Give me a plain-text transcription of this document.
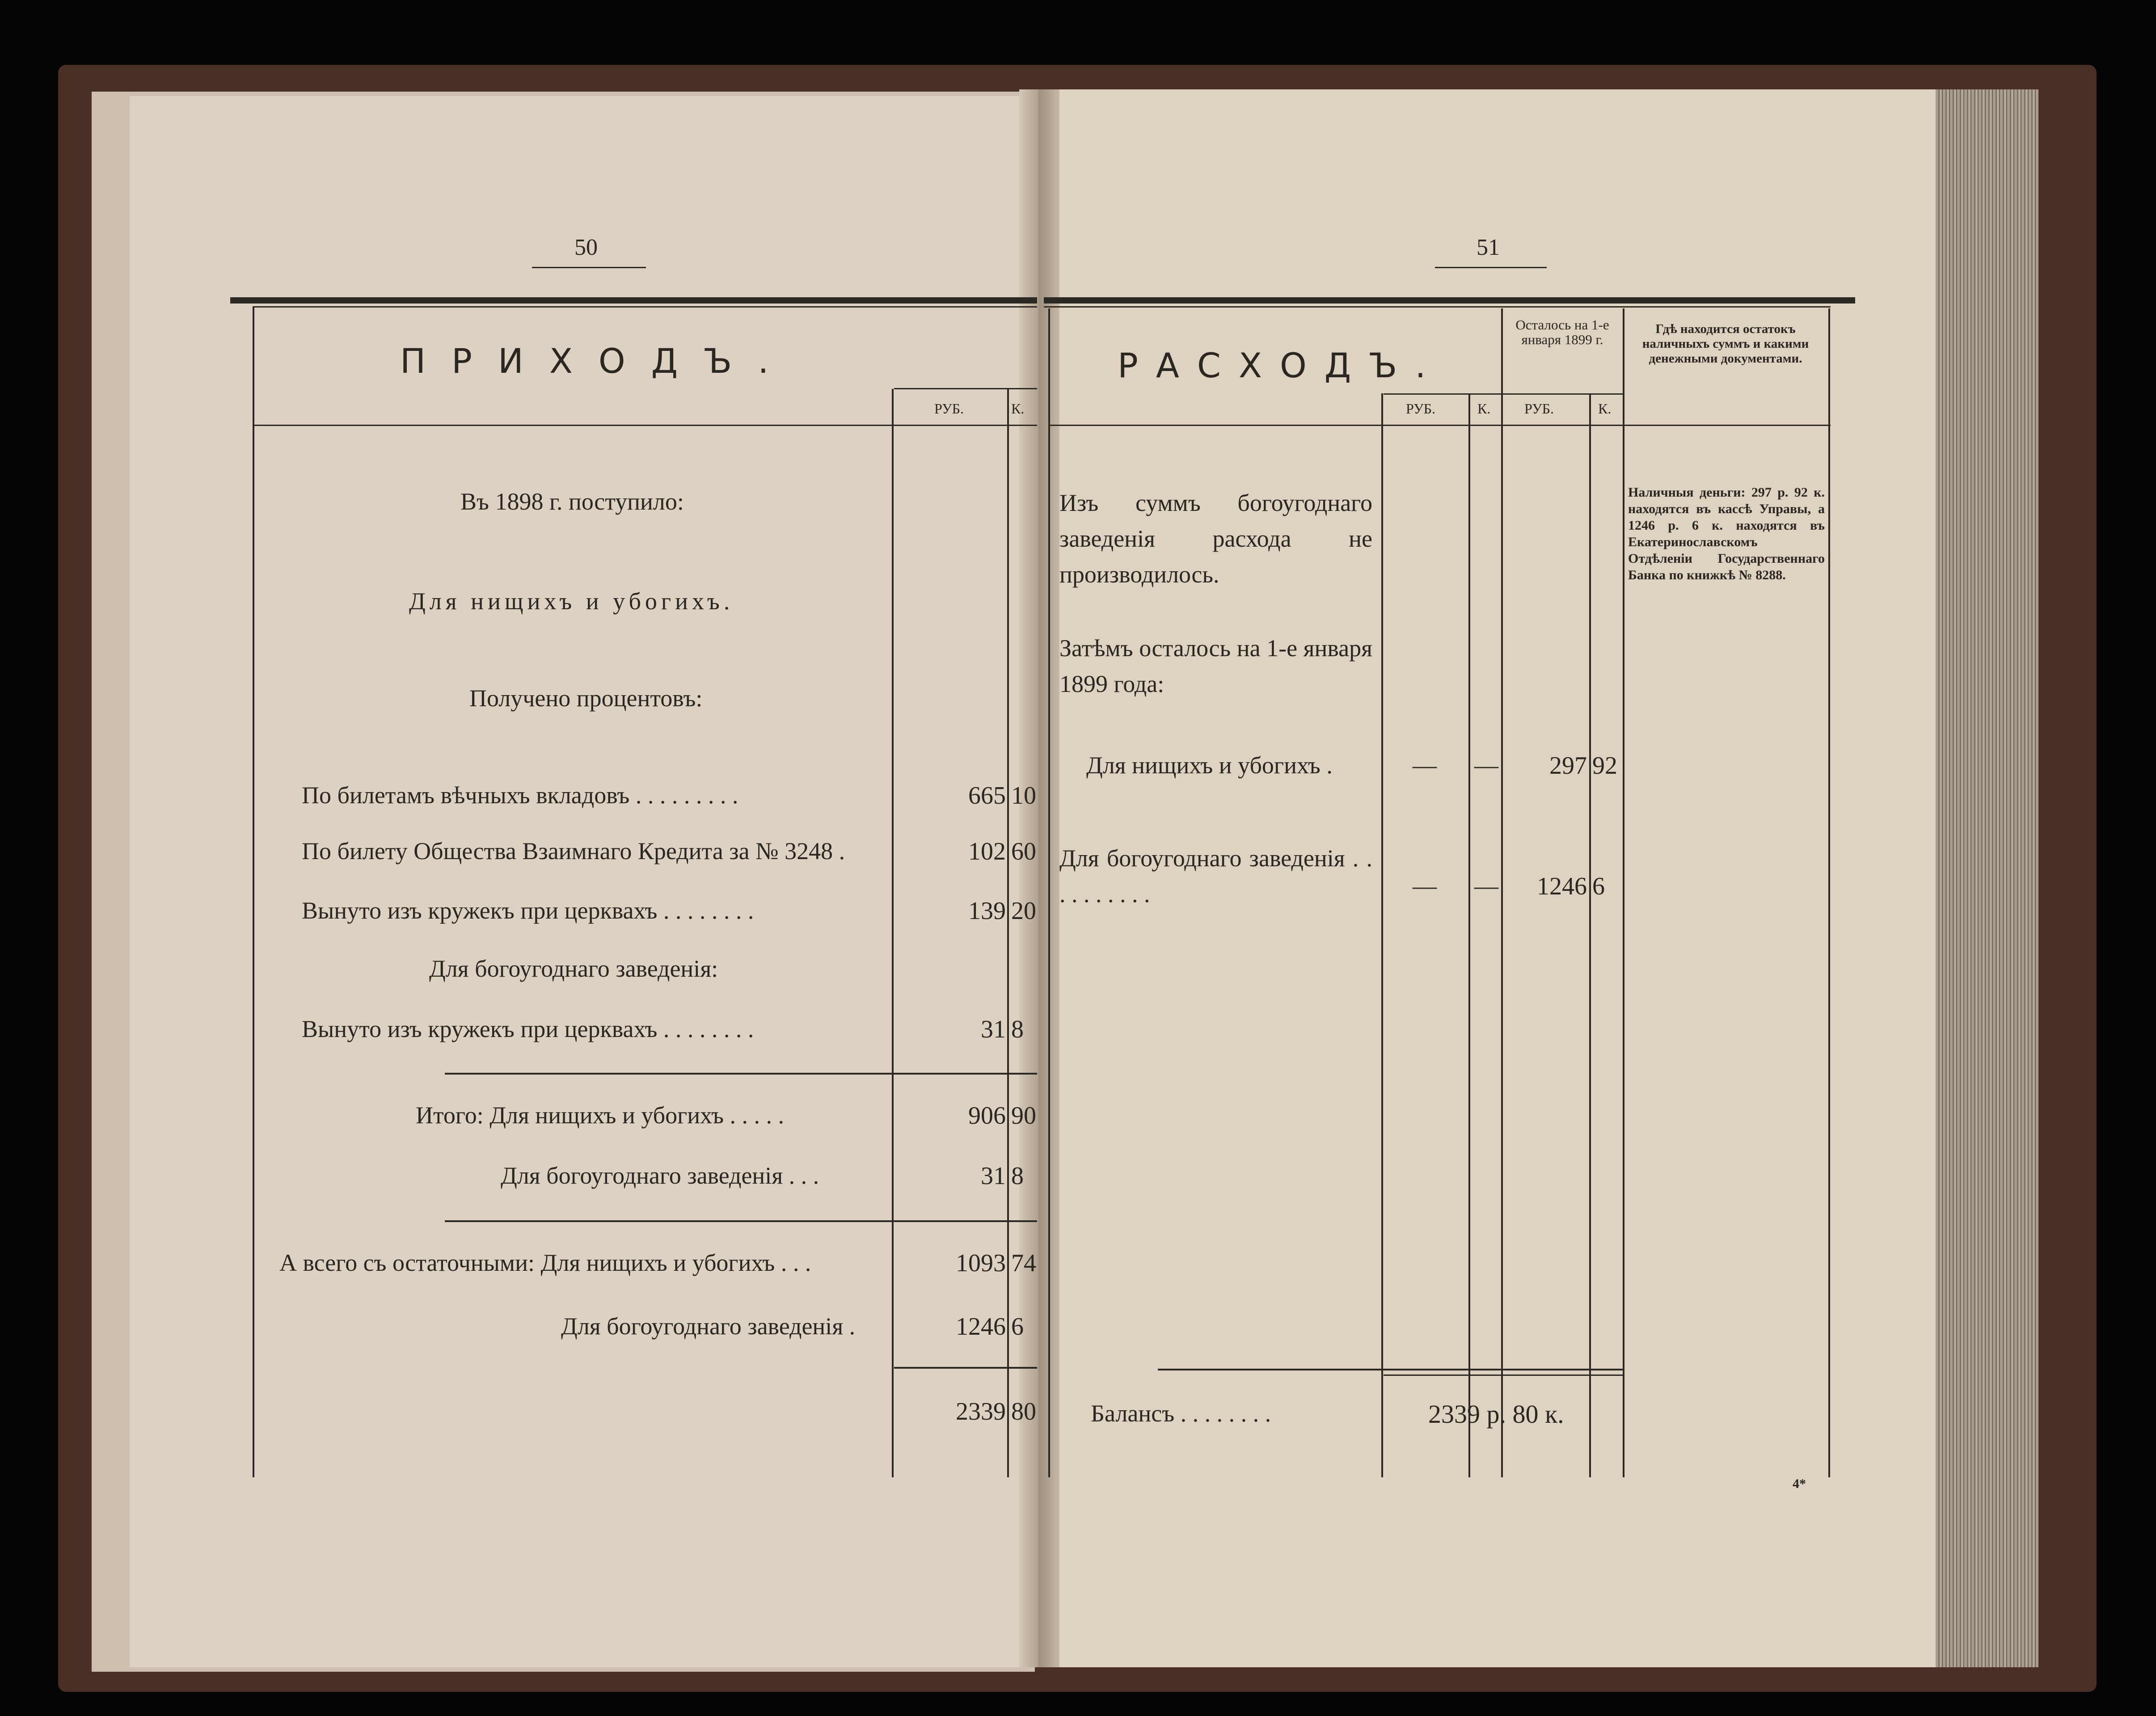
50
ПРИХОДЪ.
РУБ.	К.
Въ 1898 г. поступило:
Для нищихъ и убогихъ.
Получено процентовъ:
По билетамъ вѣчныхъ вкладовъ . . . . . . . . .	665 10
По билету Общества Взаимнаго Кредита за № 3248 .	102 60
Вынуто изъ кружекъ при церквахъ . . . . . . . .	139 20
Для богоугоднаго заведенія:
Вынуто изъ кружекъ при церквахъ . . . . . . . .	31 8
Итого: Для нищихъ и убогихъ . . . . .	906 90
Для богоугоднаго заведенія . . .	31 8
А всего съ остаточными: Для нищихъ и убогихъ . . .	1093 74
Для богоугоднаго заведенія .	1246 6
2339 80
51
РАСХОДЪ.
Осталось на 1-е января 1899 г.
Гдѣ находится остатокъ наличныхъ суммъ и какими денежными документами.
РУБ.	К. РУБ.	К.
Изъ суммъ богоугоднаго заведенія расхода не производилось.
Затѣмъ осталось на 1-е января 1899 года:
Для нищихъ и убогихъ .	— —	297 92
Для богоугоднаго заведенія . . . . . . . . . .	— —	1246 6
Наличныя деньги: 297 р. 92 к. находятся въ кассѣ Управы, а 1246 р. 6 к. находятся въ Екатеринославскомъ Отдѣленіи Государственнаго Банка по книжкѣ № 8288.
Балансъ . . . . . . . .	2339 р. 80 к.
4*
